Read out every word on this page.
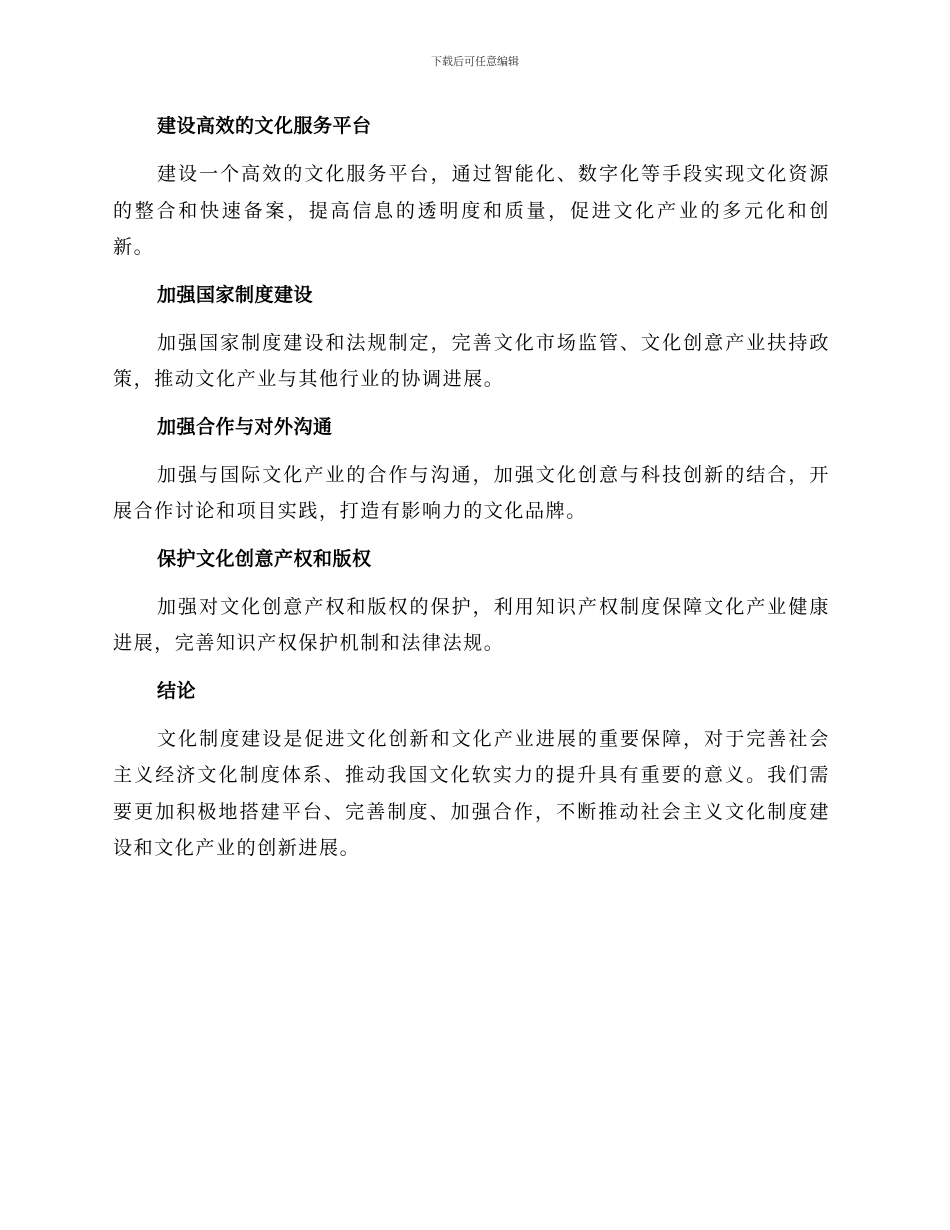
下载后可任意编辑
建设高效的文化服务平台

建设一个高效的文化服务平台，通过智能化、数字化等手段实现文化资源的整合和快速备案，提高信息的透明度和质量，促进文化产业的多元化和创新。

加强国家制度建设

加强国家制度建设和法规制定，完善文化市场监管、文化创意产业扶持政策，推动文化产业与其他行业的协调进展。

加强合作与对外沟通

加强与国际文化产业的合作与沟通，加强文化创意与科技创新的结合，开展合作讨论和项目实践，打造有影响力的文化品牌。

保护文化创意产权和版权

加强对文化创意产权和版权的保护，利用知识产权制度保障文化产业健康进展，完善知识产权保护机制和法律法规。

结论

文化制度建设是促进文化创新和文化产业进展的重要保障，对于完善社会主义经济文化制度体系、推动我国文化软实力的提升具有重要的意义。我们需要更加积极地搭建平台、完善制度、加强合作，不断推动社会主义文化制度建设和文化产业的创新进展。
